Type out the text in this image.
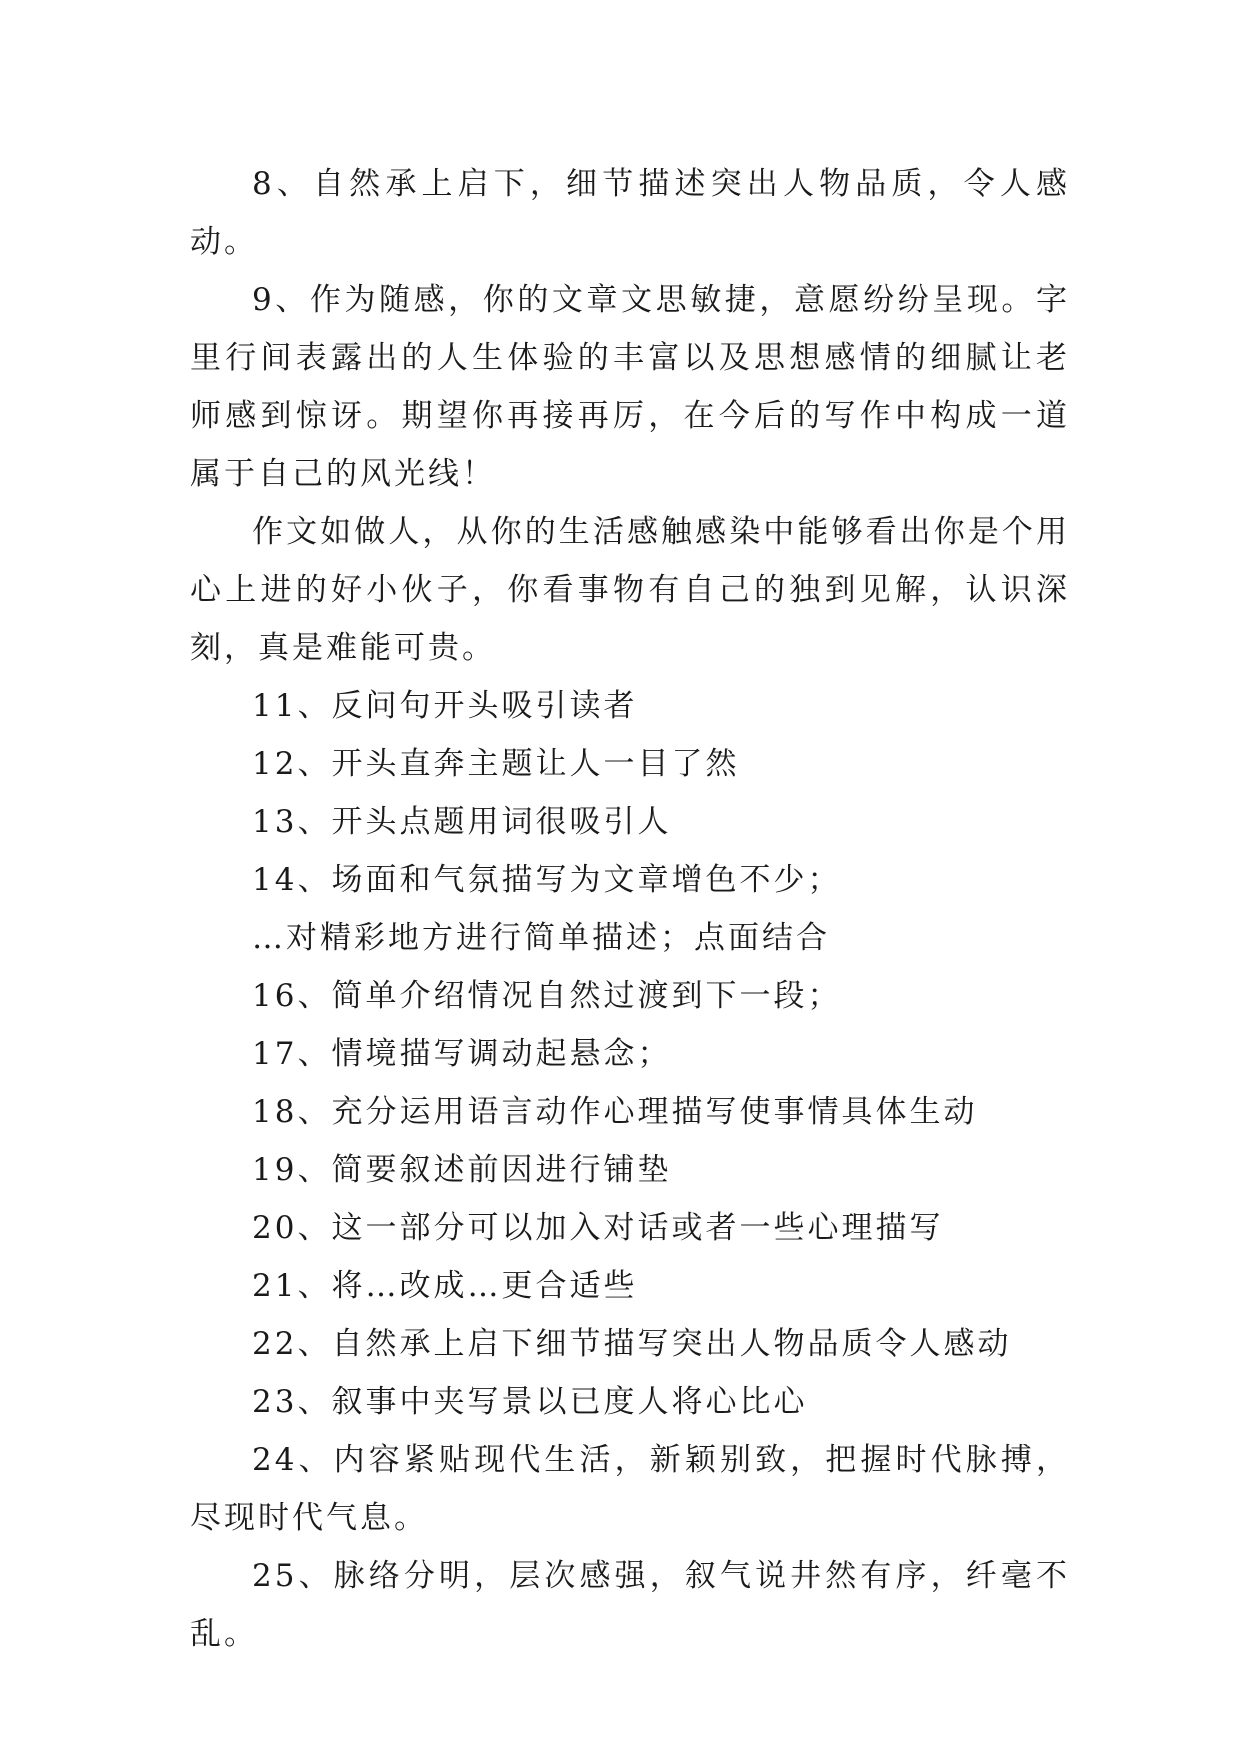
8、自然承上启下，细节描述突出人物品质，令人感动。

9、作为随感，你的文章文思敏捷，意愿纷纷呈现。字里行间表露出的人生体验的丰富以及思想感情的细腻让老师感到惊讶。期望你再接再厉，在今后的写作中构成一道属于自己的风光线！

作文如做人，从你的生活感触感染中能够看出你是个用心上进的好小伙子，你看事物有自己的独到见解，认识深刻，真是难能可贵。

11、反问句开头吸引读者

12、开头直奔主题让人一目了然

13、开头点题用词很吸引人

14、场面和气氛描写为文章增色不少；

…对精彩地方进行简单描述；点面结合

16、简单介绍情况自然过渡到下一段；

17、情境描写调动起悬念；

18、充分运用语言动作心理描写使事情具体生动

19、简要叙述前因进行铺垫

20、这一部分可以加入对话或者一些心理描写

21、将…改成…更合适些

22、自然承上启下细节描写突出人物品质令人感动

23、叙事中夹写景以已度人将心比心

24、内容紧贴现代生活，新颖别致，把握时代脉搏，尽现时代气息。

25、脉络分明，层次感强，叙气说井然有序，纤毫不乱。
